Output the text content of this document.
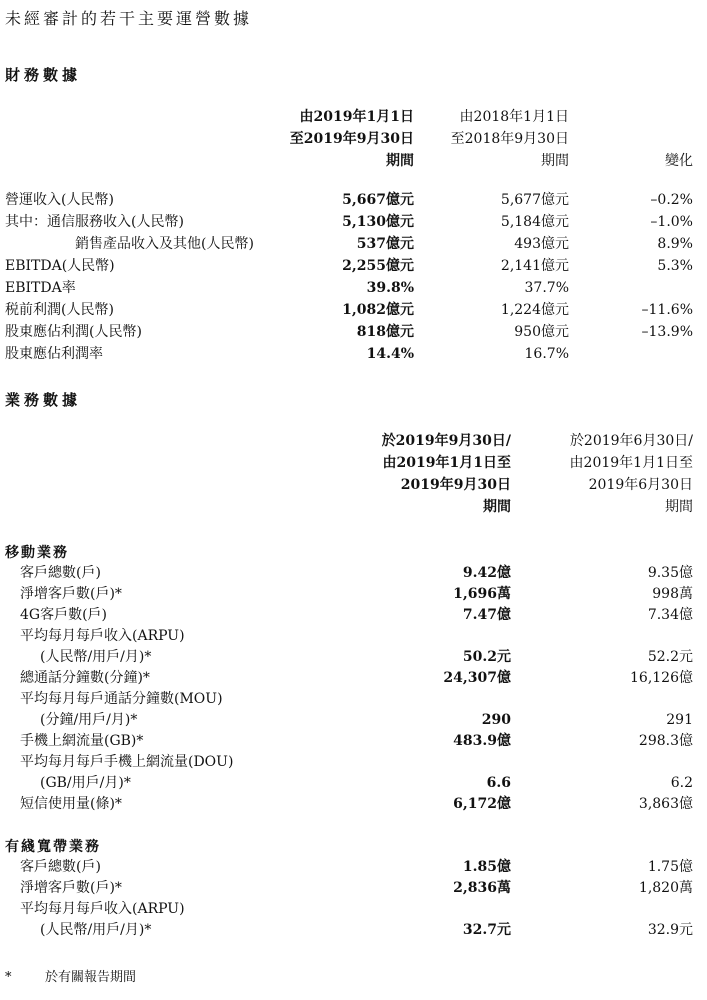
未經審計的若干主要運營數據
財務數據
由2019年1月1日
至2019年9月30日
期間
由2018年1月1日
至2018年9月30日
期間	變化
營運收入(人民幣)	5,667億元	5,677億元	–0.2%
其中：通信服務收入(人民幣)	5,130億元	5,184億元	–1.0%
銷售產品收入及其他(人民幣)	537億元	493億元	8.9%
EBITDA(人民幣)	2,255億元	2,141億元	5.3%
EBITDA率	39.8%	37.7%
税前利潤(人民幣)	1,082億元	1,224億元	–11.6%
股東應佔利潤(人民幣)	818億元	950億元	–13.9%
股東應佔利潤率	14.4%	16.7%
業務數據
於2019年9月30日/
由2019年1月1日至
2019年9月30日
期間
於2019年6月30日/
由2019年1月1日至
2019年6月30日
期間
移動業務
客戶總數(戶)	9.42億	9.35億
淨增客戶數(戶)*	1,696萬	998萬
4G客戶數(戶)	7.47億	7.34億
平均每月每戶收入(ARPU)
(人民幣/用戶/月)*	50.2元	52.2元
總通話分鐘數(分鐘)*	24,307億	16,126億
平均每月每戶通話分鐘數(MOU)
(分鐘/用戶/月)*	290	291
手機上網流量(GB)*	483.9億	298.3億
平均每月每戶手機上網流量(DOU)
(GB/用戶/月)*	6.6	6.2
短信使用量(條)*	6,172億	3,863億
有綫寬帶業務
客戶總數(戶)	1.85億	1.75億
淨增客戶數(戶)*	2,836萬	1,820萬
平均每月每戶收入(ARPU)
(人民幣/用戶/月)*	32.7元	32.9元
*	於有關報告期間
